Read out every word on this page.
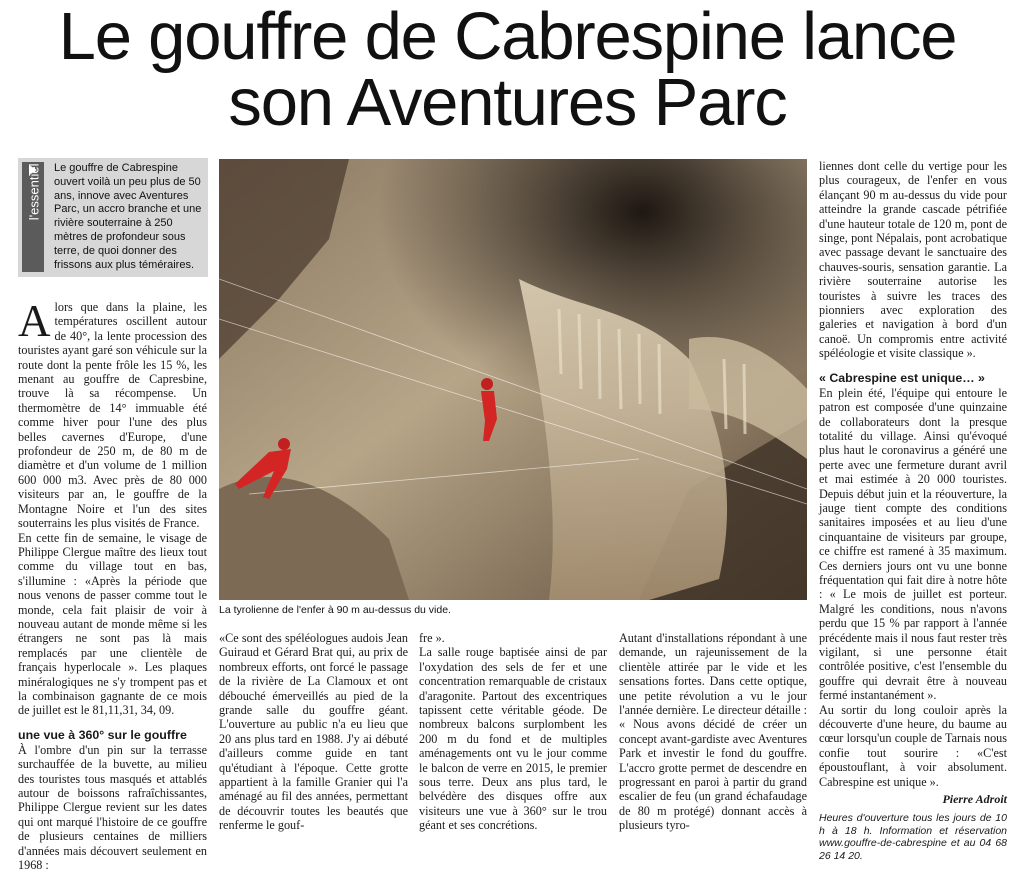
Le gouffre de Cabrespine lance
son Aventures Parc
l'essentiel Le gouffre de Cabrespine ouvert voilà un peu plus de 50 ans, innove avec Aventures Parc, un accro branche et une rivière souterraine à 250 mètres de profondeur sous terre, de quoi donner des frissons aux plus téméraires.
La tyrolienne de l'enfer à 90 m au-dessus du vide.

Alors que dans la plaine, les températures oscillent autour de 40°, la lente procession des touristes ayant garé son véhicule sur la route dont la pente frôle les 15 %, les menant au gouffre de Capresbine, trouve là sa récompense. Un thermomètre de 14° immuable été comme hiver pour l'une des plus belles cavernes d'Europe, d'une profondeur de 250 m, de 80 m de diamètre et d'un volume de 1 million 600 000 m3. Avec près de 80 000 visiteurs par an, le gouffre de la Montagne Noire et l'un des sites souterrains les plus visités de France.

En cette fin de semaine, le visage de Philippe Clergue maître des lieux tout comme du village tout en bas, s'illumine : «Après la période que nous venons de passer comme tout le monde, cela fait plaisir de voir à nouveau autant de monde même si les étrangers ne sont pas là mais remplacés par une clientèle de français hyperlocale ». Les plaques minéralogiques ne s'y trompent pas et la combinaison gagnante de ce mois de juillet est le 81,11,31, 34, 09.

une vue à 360° sur le gouffre

À l'ombre d'un pin sur la terrasse surchauffée de la buvette, au milieu des touristes tous masqués et attablés autour de boissons rafraîchissantes, Philippe Clergue revient sur les dates qui ont marqué l'histoire de ce gouffre de plusieurs centaines de milliers d'années mais découvert seulement en 1968 :

«Ce sont des spéléologues audois Jean Guiraud et Gérard Brat qui, au prix de nombreux efforts, ont forcé le passage de la rivière de La Clamoux et ont débouché émerveillés au pied de la grande salle du gouffre géant. L'ouverture au public n'a eu lieu que 20 ans plus tard en 1988. J'y ai débuté d'ailleurs comme guide en tant qu'étudiant à l'époque. Cette grotte appartient à la famille Granier qui l'a aménagé au fil des années, permettant de découvrir toutes les beautés que renferme le gouf-

fre ».

La salle rouge baptisée ainsi de par l'oxydation des sels de fer et une concentration remarquable de cristaux d'aragonite. Partout des excentriques tapissent cette véritable géode. De nombreux balcons surplombent les 200 m du fond et de multiples aménagements ont vu le jour comme le balcon de verre en 2015, le premier sous terre. Deux ans plus tard, le belvédère des disques offre aux visiteurs une vue à 360° sur le trou géant et ses concrétions.

Autant d'installations répondant à une demande, un rajeunissement de la clientèle attirée par le vide et les sensations fortes. Dans cette optique, une petite révolution a vu le jour l'année dernière. Le directeur détaille : « Nous avons décidé de créer un concept avant-gardiste avec Aventures Park et investir le fond du gouffre. L'accro grotte permet de descendre en progressant en paroi à partir du grand escalier de feu (un grand échafaudage de 80 m protégé) donnant accès à plusieurs tyro-

liennes dont celle du vertige pour les plus courageux, de l'enfer en vous élançant 90 m au-dessus du vide pour atteindre la grande cascade pétrifiée d'une hauteur totale de 120 m, pont de singe, pont Népalais, pont acrobatique avec passage devant le sanctuaire des chauves-souris, sensation garantie. La rivière souterraine autorise les touristes à suivre les traces des pionniers avec exploration des galeries et navigation à bord d'un canoë. Un compromis entre activité spéléologie et visite classique ».

« Cabrespine est unique… »

En plein été, l'équipe qui entoure le patron est composée d'une quinzaine de collaborateurs dont la presque totalité du village. Ainsi qu'évoqué plus haut le coronavirus a généré une perte avec une fermeture durant avril et mai estimée à 20 000 touristes. Depuis début juin et la réouverture, la jauge tient compte des conditions sanitaires imposées et au lieu d'une cinquantaine de visiteurs par groupe, ce chiffre est ramené à 35 maximum. Ces derniers jours ont vu une bonne fréquentation qui fait dire à notre hôte : « Le mois de juillet est porteur. Malgré les conditions, nous n'avons perdu que 15 % par rapport à l'année précédente mais il nous faut rester très vigilant, si une personne était contrôlée positive, c'est l'ensemble du gouffre qui devrait être à nouveau fermé instantanément ».

Au sortir du long couloir après la découverte d'une heure, du baume au cœur lorsqu'un couple de Tarnais nous confie tout sourire : «C'est époustouflant, à voir absolument. Cabrespine est unique ».

Pierre Adroit

Heures d'ouverture tous les jours de 10 h à 18 h. Information et réservation www.gouffre-de-cabrespine et au 04 68 26 14 20.
